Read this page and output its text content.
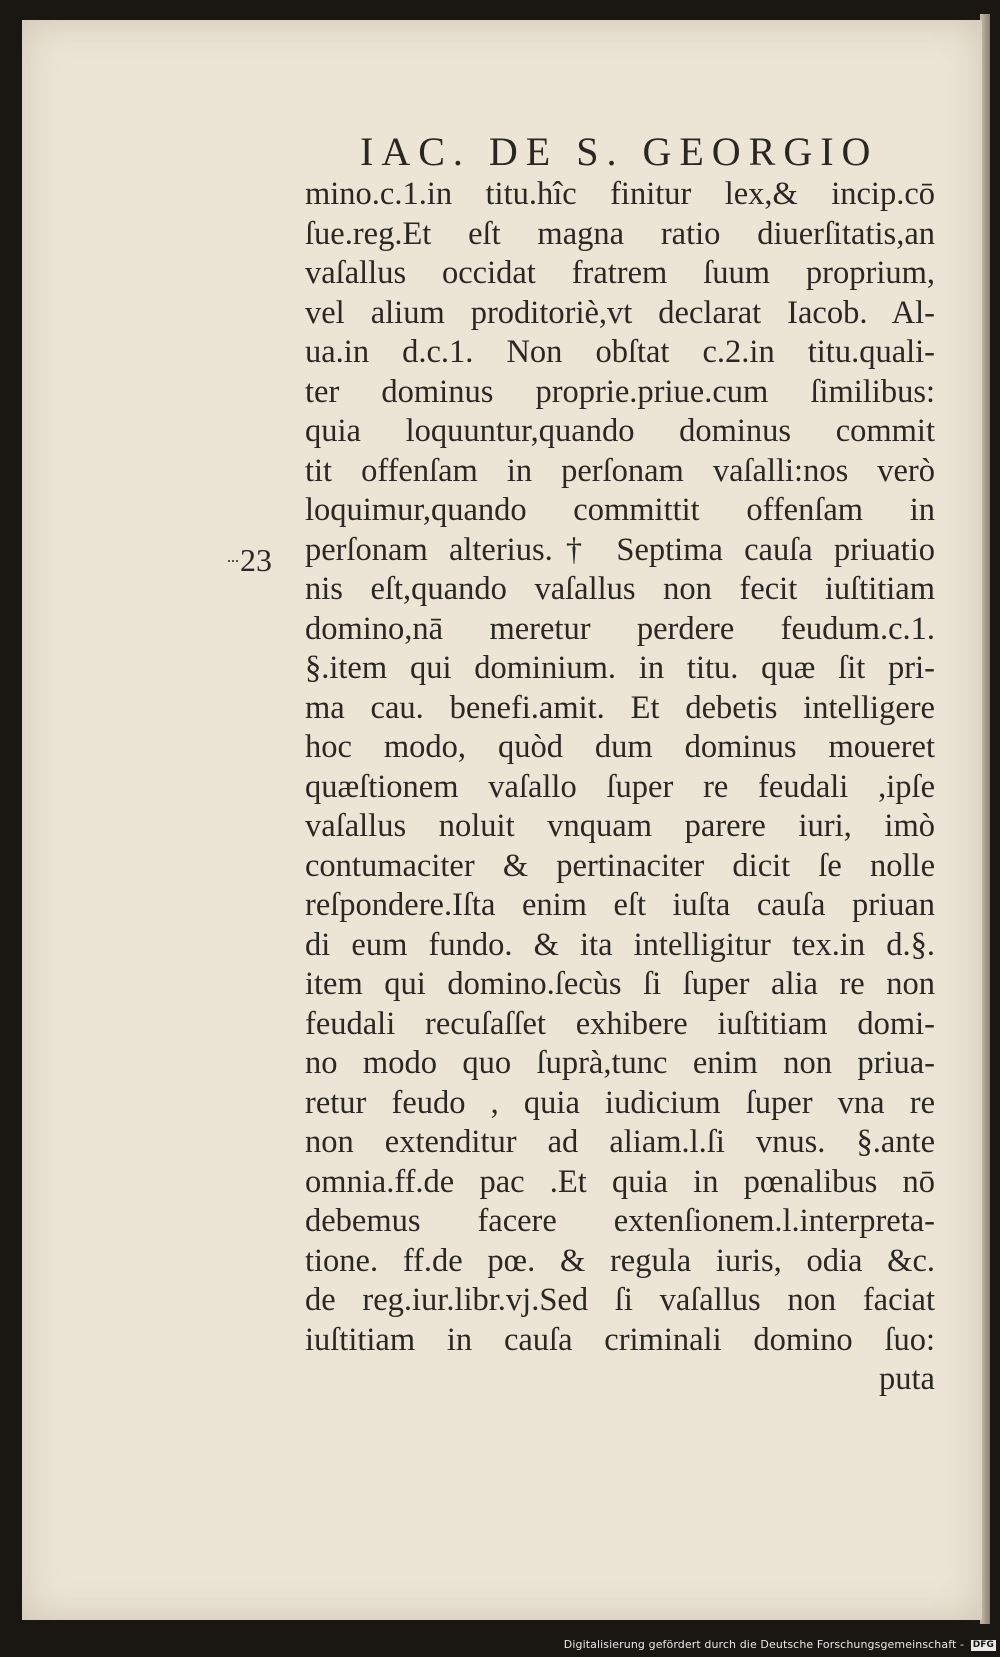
IAC. DE S. GEORGIO
23
mino.c.1.in titu.hîc finitur lex,& incip.cō
ſue.reg.Et eſt magna ratio diuerſitatis,an
vaſallus occidat fratrem ſuum proprium,
vel alium proditoriè,vt declarat Iacob. Al-
ua.in d.c.1. Non obſtat c.2.in titu.quali-
ter dominus proprie.priue.cum ſimilibus:
quia loquuntur,quando dominus commit
tit offenſam in perſonam vaſalli:nos verò
loquimur,quando committit offenſam in
perſonam alterius.† Septima cauſa priuatio
nis eſt,quando vaſallus non fecit iuſtitiam
domino,nā meretur perdere feudum.c.1.
§.item qui dominium. in titu. quæ ſit pri-
ma cau. benefi.amit. Et debetis intelligere
hoc modo, quòd dum dominus moueret
quæſtionem vaſallo ſuper re feudali ,ipſe
vaſallus noluit vnquam parere iuri, imò
contumaciter & pertinaciter dicit ſe nolle
reſpondere.Iſta enim eſt iuſta cauſa priuan
di eum fundo. & ita intelligitur tex.in d.§.
item qui domino.ſecùs ſi ſuper alia re non
feudali recuſaſſet exhibere iuſtitiam domi-
no modo quo ſuprà,tunc enim non priua-
retur feudo , quia iudicium ſuper vna re
non extenditur ad aliam.l.ſi vnus. §.ante
omnia.ff.de pac .Et quia in pœnalibus nō
debemus facere extenſionem.l.interpreta-
tione. ff.de pœ. & regula iuris, odia &c.
de reg.iur.libr.vj.Sed ſi vaſallus non faciat
iuſtitiam in cauſa criminali domino ſuo:
puta
Digitalisierung gefördert durch die Deutsche Forschungsgemeinschaft - DFG
